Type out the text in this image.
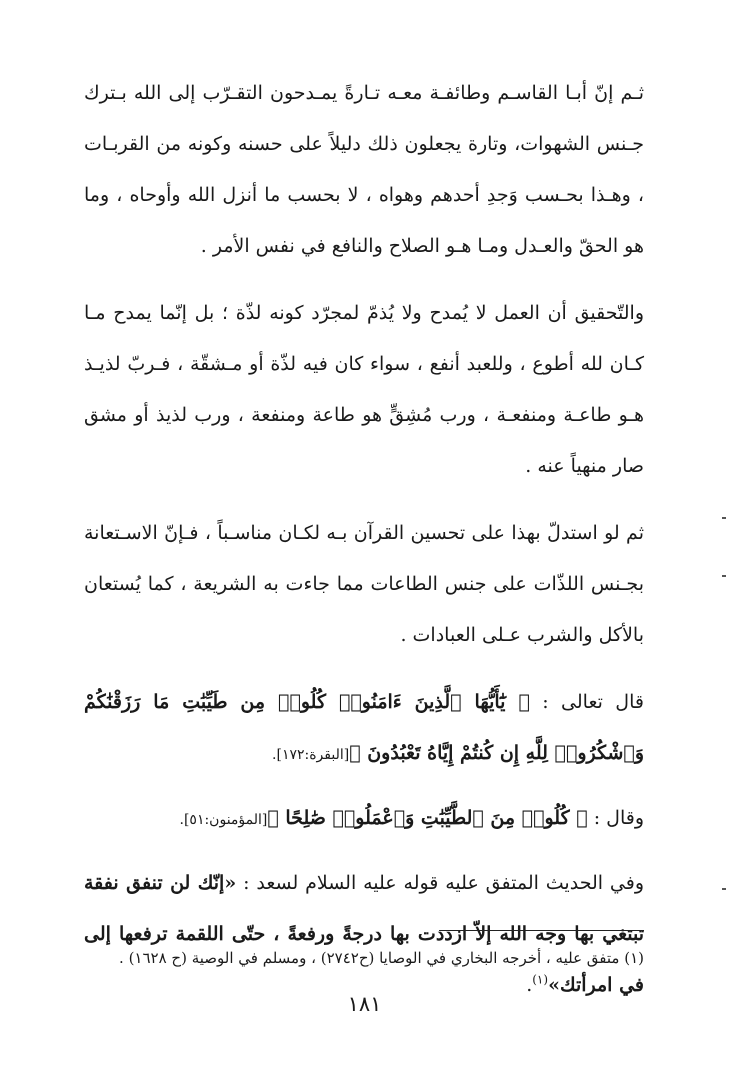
ثـم إنّ أبـا القاسـم وطائفـة معـه تـارةً يمـدحون التقـرّب إلى الله بـترك جـنس الشهوات، وتارة يجعلون ذلك دليلاً على حسنه وكونه من القربـات ، وهـذا بحـسب وَجدِ أحدهم وهواه ، لا بحسب ما أنزل الله وأوحاه ، وما هو الحقّ والعـدل ومـا هـو الصلاح والنافع في نفس الأمر .

والتّحقيق أن العمل لا يُمدح ولا يُذمّ لمجرّد كونه لذّة ؛ بل إنّما يمدح مـا كـان لله أطوع ، وللعبد أنفع ، سواء كان فيه لذّة أو مـشقّة ، فـربّ لذيـذ هـو طاعـة ومنفعـة ، ورب مُشِقٍّ هو طاعة ومنفعة ، ورب لذيذ أو مشق صار منهياً عنه .

ثم لو استدلّ بهذا على تحسين القرآن بـه لكـان مناسـباً ، فـإنّ الاسـتعانة بجـنس اللذّات على جنس الطاعات مما جاءت به الشريعة ، كما يُستعان بالأكل والشرب عـلى العبادات .

قال تعالى : ﴿ يَٰٓأَيُّهَا ٱلَّذِينَ ءَامَنُوا۟ كُلُوا۟ مِن طَيِّبَٰتِ مَا رَزَقْنَٰكُمْ وَٱشْكُرُوا۟ لِلَّهِ إِن كُنتُمْ إِيَّاهُ تَعْبُدُونَ ﴾[البقرة:١٧٢].

وقال : ﴿ كُلُوا۟ مِنَ ٱلطَّيِّبَٰتِ وَٱعْمَلُوا۟ صَٰلِحًا ﴾[المؤمنون:٥١].

وفي الحديث المتفق عليه قوله عليه السلام لسعد : «إنّك لن تنفق نفقة تبتغي بها وجه الله إلاّ ازددت بها درجةً ورفعةً ، حتّى اللقمة ترفعها إلى في امرأتك»$^{(١)}$.

(١) متفق عليه ، أخرجه البخاري في الوصايا (ح٢٧٤٢) ، ومسلم في الوصية (ح ١٦٢٨) .
١٨١
